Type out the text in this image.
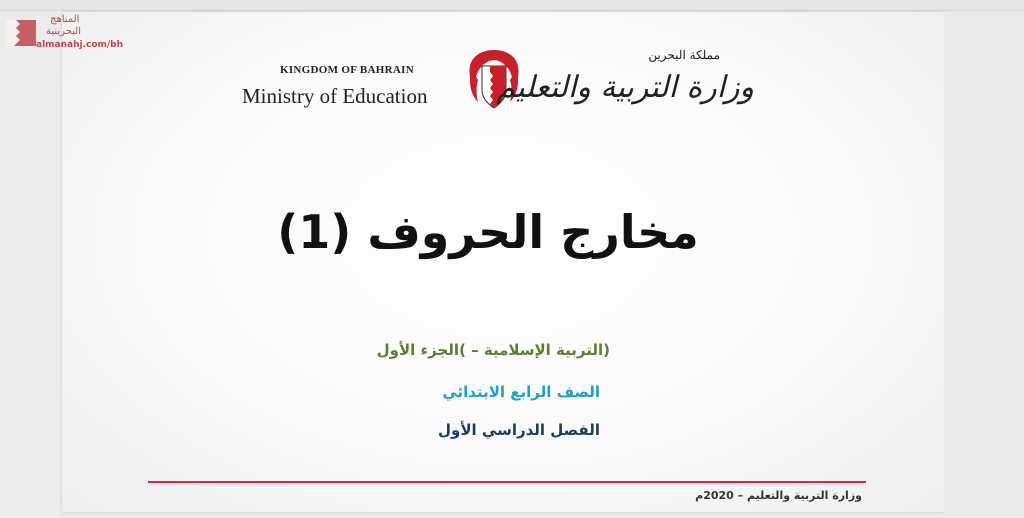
المناهج
البحرينية
almanahj.com/bh
KINGDOM OF BAHRAIN
Ministry of Education
مملكة البحرين
وزارة التربية والتعليم
مخارج الحروف (1)
التربية الإسلامية – )الجزء الأول)
الصف الرابع الابتدائي
الفصل الدراسي الأول
وزارة التربية والتعليم – 2020م
